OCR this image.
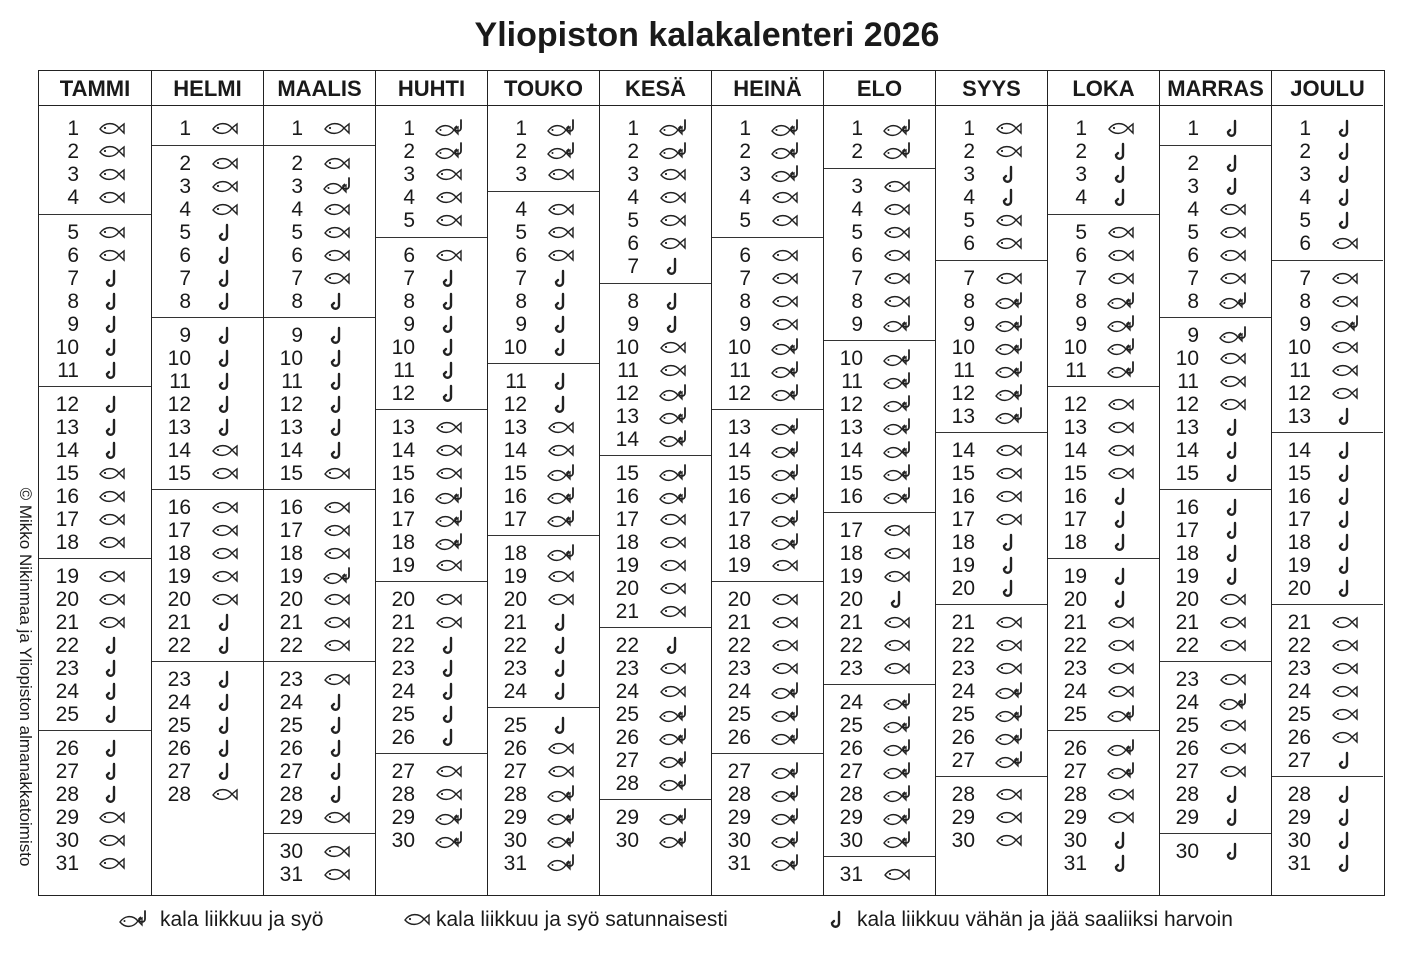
Yliopiston kalakalenteri 2026
© Mikko Nikinmaa ja Yliopiston almanakkatoimisto
TAMMI
1
2
3
4
5
6
7
8
9
10
11
12
13
14
15
16
17
18
19
20
21
22
23
24
25
26
27
28
29
30
31
HELMI
1
2
3
4
5
6
7
8
9
10
11
12
13
14
15
16
17
18
19
20
21
22
23
24
25
26
27
28
MAALIS
1
2
3
4
5
6
7
8
9
10
11
12
13
14
15
16
17
18
19
20
21
22
23
24
25
26
27
28
29
30
31
HUHTI
1
2
3
4
5
6
7
8
9
10
11
12
13
14
15
16
17
18
19
20
21
22
23
24
25
26
27
28
29
30
TOUKO
1
2
3
4
5
6
7
8
9
10
11
12
13
14
15
16
17
18
19
20
21
22
23
24
25
26
27
28
29
30
31
KESÄ
1
2
3
4
5
6
7
8
9
10
11
12
13
14
15
16
17
18
19
20
21
22
23
24
25
26
27
28
29
30
HEINÄ
1
2
3
4
5
6
7
8
9
10
11
12
13
14
15
16
17
18
19
20
21
22
23
24
25
26
27
28
29
30
31
ELO
1
2
3
4
5
6
7
8
9
10
11
12
13
14
15
16
17
18
19
20
21
22
23
24
25
26
27
28
29
30
31
SYYS
1
2
3
4
5
6
7
8
9
10
11
12
13
14
15
16
17
18
19
20
21
22
23
24
25
26
27
28
29
30
LOKA
1
2
3
4
5
6
7
8
9
10
11
12
13
14
15
16
17
18
19
20
21
22
23
24
25
26
27
28
29
30
31
MARRAS
1
2
3
4
5
6
7
8
9
10
11
12
13
14
15
16
17
18
19
20
21
22
23
24
25
26
27
28
29
30
JOULU
1
2
3
4
5
6
7
8
9
10
11
12
13
14
15
16
17
18
19
20
21
22
23
24
25
26
27
28
29
30
31
kala liikkuu ja syö	kala liikkuu ja syö satunnaisesti	kala liikkuu vähän ja jää saaliiksi harvoin
